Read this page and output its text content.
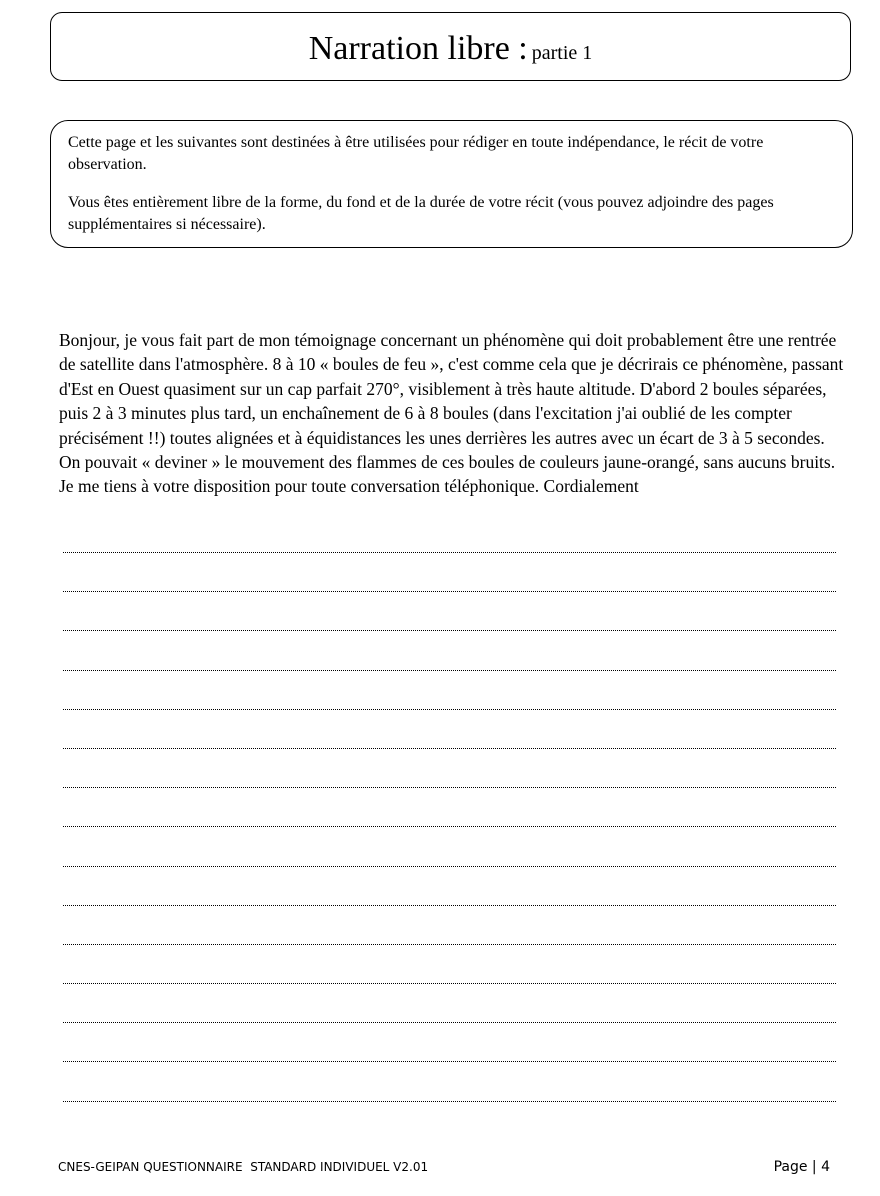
Narration libre : partie 1

Cette page et les suivantes sont destinées à être utilisées pour rédiger en toute indépendance, le récit de votre observation.

Vous êtes entièrement libre de la forme, du fond et de la durée de votre récit (vous pouvez adjoindre des pages supplémentaires si nécessaire).

Bonjour, je vous fait part de mon témoignage concernant un phénomène qui doit probablement être une rentrée de satellite dans l'atmosphère. 8 à 10 « boules de feu », c'est comme cela que je décrirais ce phénomène, passant d'Est en Ouest quasiment sur un cap parfait 270°, visiblement à très haute altitude. D'abord 2 boules séparées, puis 2 à 3 minutes plus tard, un enchaînement de 6 à 8 boules (dans l'excitation j'ai oublié de les compter précisément !!) toutes alignées et à équidistances les unes derrières les autres avec un écart de 3 à 5 secondes. On pouvait « deviner » le mouvement des flammes de ces boules de couleurs jaune-orangé, sans aucuns bruits. Je me tiens à votre disposition pour toute conversation téléphonique. Cordialement

CNES-GEIPAN QUESTIONNAIRE  STANDARD INDIVIDUEL V2.01	Page | 4
